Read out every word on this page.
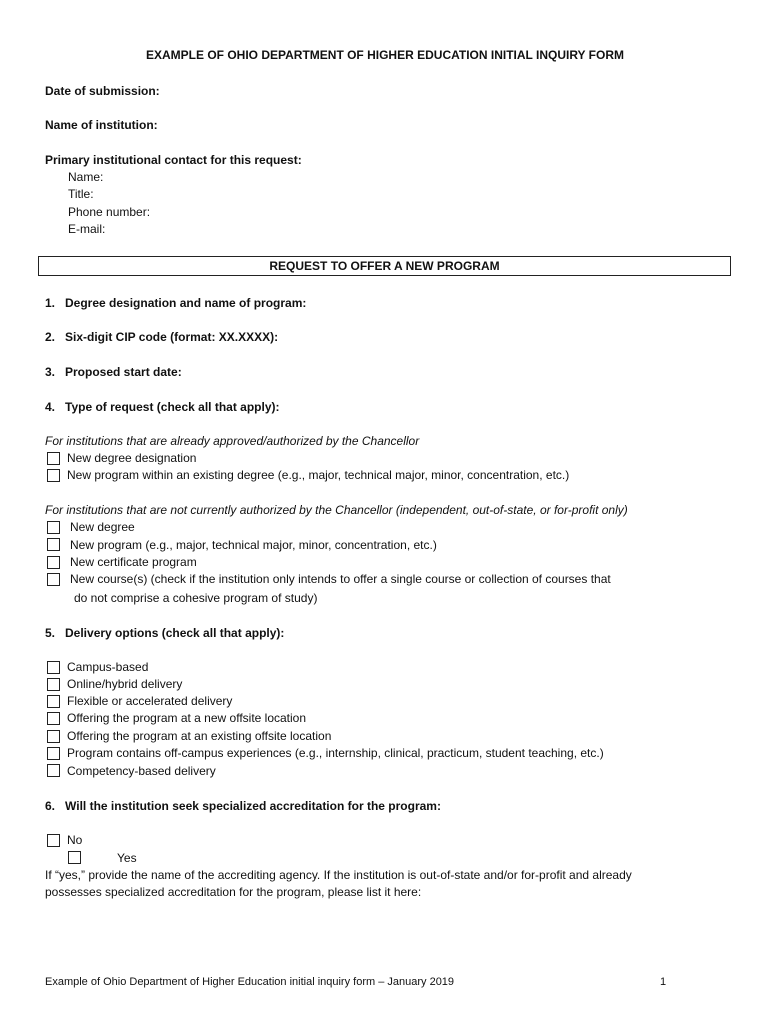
EXAMPLE OF OHIO DEPARTMENT OF HIGHER EDUCATION INITIAL INQUIRY FORM
Date of submission:
Name of institution:
Primary institutional contact for this request:
Name:
Title:
Phone number:
E-mail:
REQUEST TO OFFER A NEW PROGRAM
1.   Degree designation and name of program:
2.   Six-digit CIP code (format: XX.XXXX):
3.   Proposed start date:
4.   Type of request (check all that apply):
For institutions that are already approved/authorized by the Chancellor
New degree designation
New program within an existing degree (e.g., major, technical major, minor, concentration, etc.)
For institutions that are not currently authorized by the Chancellor (independent, out-of-state, or for-profit only)
New degree
New program (e.g., major, technical major, minor, concentration, etc.)
New certificate program
New course(s) (check if the institution only intends to offer a single course or collection of courses that
do not comprise a cohesive program of study)
5.   Delivery options (check all that apply):
Campus-based
Online/hybrid delivery
Flexible or accelerated delivery
Offering the program at a new offsite location
Offering the program at an existing offsite location
Program contains off-campus experiences (e.g., internship, clinical, practicum, student teaching, etc.)
Competency-based delivery
6.   Will the institution seek specialized accreditation for the program:
No
Yes
If “yes,” provide the name of the accrediting agency. If the institution is out-of-state and/or for-profit and already
possesses specialized accreditation for the program, please list it here:
Example of Ohio Department of Higher Education initial inquiry form – January 2019	1
